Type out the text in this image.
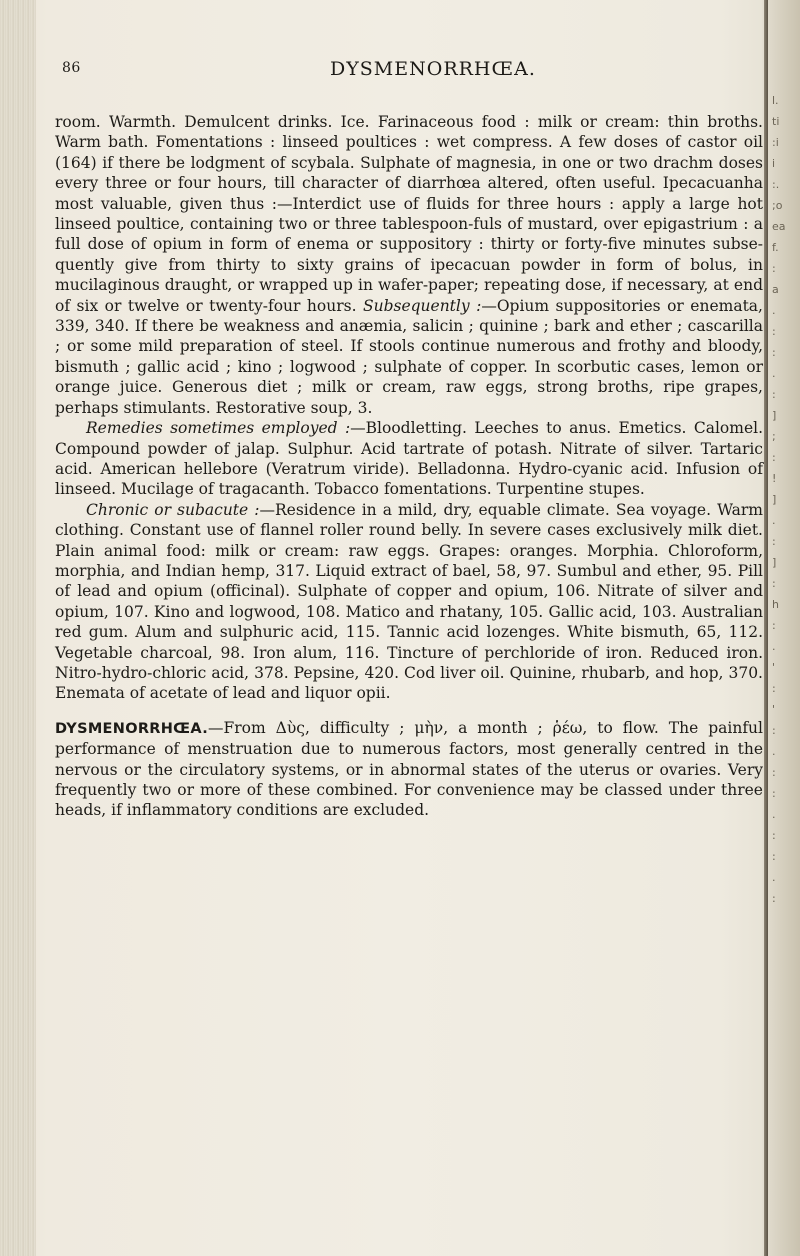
l.
ti
:i
i
:.
;o
ea
f.
:
a
.
:
:
.
:
]
;
:
!
]
.
:
]
:
h
:
.
'
:
'
:
.
:
:
.
:
:
.
:
86	DYSMENORRHŒA.

room. Warmth. Demulcent drinks. Ice. Farinaceous food : milk or cream: thin broths. Warm bath. Fomentations : linseed poultices : wet compress. A few doses of castor oil (164) if there be lodgment of scybala. Sulphate of magnesia, in one or two drachm doses every three or four hours, till character of diarrhœa altered, often useful. Ipecacuanha most valuable, given thus :—Interdict use of fluids for three hours : apply a large hot linseed poultice, containing two or three tablespoon-fuls of mustard, over epigastrium : a full dose of opium in form of enema or suppository : thirty or forty-five minutes subse-quently give from thirty to sixty grains of ipecacuan powder in form of bolus, in mucilaginous draught, or wrapped up in wafer-paper; repeating dose, if necessary, at end of six or twelve or twenty-four hours. Subsequently :—Opium suppositories or enemata, 339, 340. If there be weakness and anæmia, salicin ; quinine ; bark and ether ; cascarilla ; or some mild preparation of steel. If stools continue numerous and frothy and bloody, bismuth ; gallic acid ; kino ; logwood ; sulphate of copper. In scorbutic cases, lemon or orange juice. Generous diet ; milk or cream, raw eggs, strong broths, ripe grapes, perhaps stimulants. Restorative soup, 3.

Remedies sometimes employed :—Bloodletting. Leeches to anus. Emetics. Calomel. Compound powder of jalap. Sulphur. Acid tartrate of potash. Nitrate of silver. Tartaric acid. American hellebore (Veratrum viride). Belladonna. Hydro-cyanic acid. Infusion of linseed. Mucilage of tragacanth. Tobacco fomentations. Turpentine stupes.

Chronic or subacute :—Residence in a mild, dry, equable climate. Sea voyage. Warm clothing. Constant use of flannel roller round belly. In severe cases exclusively milk diet. Plain animal food: milk or cream: raw eggs. Grapes: oranges. Morphia. Chloroform, morphia, and Indian hemp, 317. Liquid extract of bael, 58, 97. Sumbul and ether, 95. Pill of lead and opium (officinal). Sulphate of copper and opium, 106. Nitrate of silver and opium, 107. Kino and logwood, 108. Matico and rhatany, 105. Gallic acid, 103. Australian red gum. Alum and sulphuric acid, 115. Tannic acid lozenges. White bismuth, 65, 112. Vegetable charcoal, 98. Iron alum, 116. Tincture of perchloride of iron. Reduced iron. Nitro-hydro-chloric acid, 378. Pepsine, 420. Cod liver oil. Quinine, rhubarb, and hop, 370. Enemata of acetate of lead and liquor opii.

DYSMENORRHŒA.—From Δὺς, difficulty ; μὴν, a month ; ῥέω, to flow. The painful performance of menstruation due to numerous factors, most generally centred in the nervous or the circulatory systems, or in abnormal states of the uterus or ovaries. Very frequently two or more of these combined. For convenience may be classed under three heads, if inflammatory conditions are excluded.
